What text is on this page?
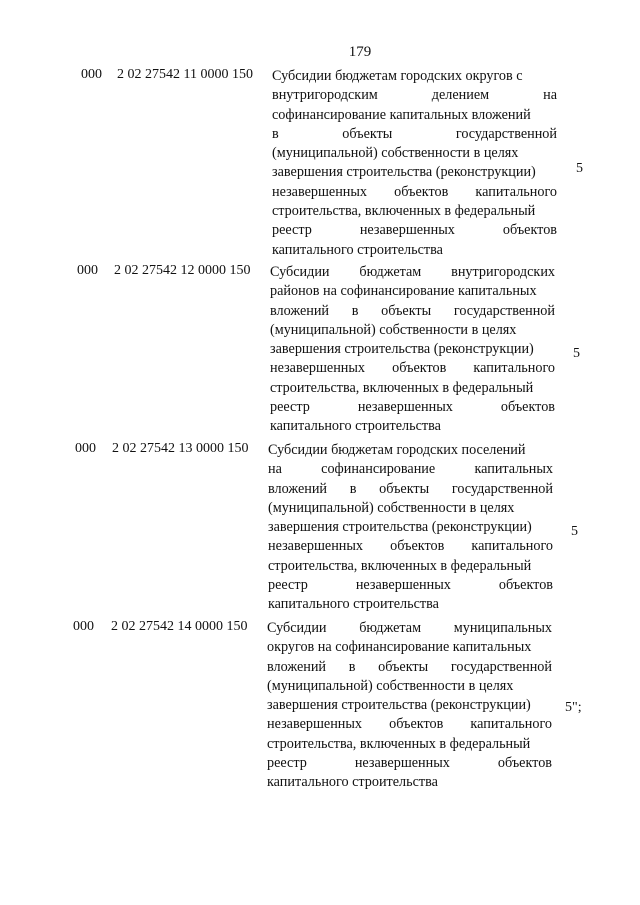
179
000 2 02 27542 11 0000 150 Субсидии бюджетам городских округов с
внутригородским делением на
софинансирование капитальных вложений
в объекты государственной
(муниципальной) собственности в целях
завершения строительства (реконструкции)
незавершенных объектов капитального
строительства, включенных в федеральный
реестр незавершенных объектов
капитального строительства
5
000 2 02 27542 12 0000 150 Субсидии бюджетам внутригородских
районов на софинансирование капитальных
вложений в объекты государственной
(муниципальной) собственности в целях
завершения строительства (реконструкции)
незавершенных объектов капитального
строительства, включенных в федеральный
реестр незавершенных объектов
капитального строительства
5
000 2 02 27542 13 0000 150 Субсидии бюджетам городских поселений
на софинансирование капитальных
вложений в объекты государственной
(муниципальной) собственности в целях
завершения строительства (реконструкции)
незавершенных объектов капитального
строительства, включенных в федеральный
реестр незавершенных объектов
капитального строительства
5
000 2 02 27542 14 0000 150 Субсидии бюджетам муниципальных
округов на софинансирование капитальных
вложений в объекты государственной
(муниципальной) собственности в целях
завершения строительства (реконструкции)
незавершенных объектов капитального
строительства, включенных в федеральный
реестр незавершенных объектов
капитального строительства
5";
